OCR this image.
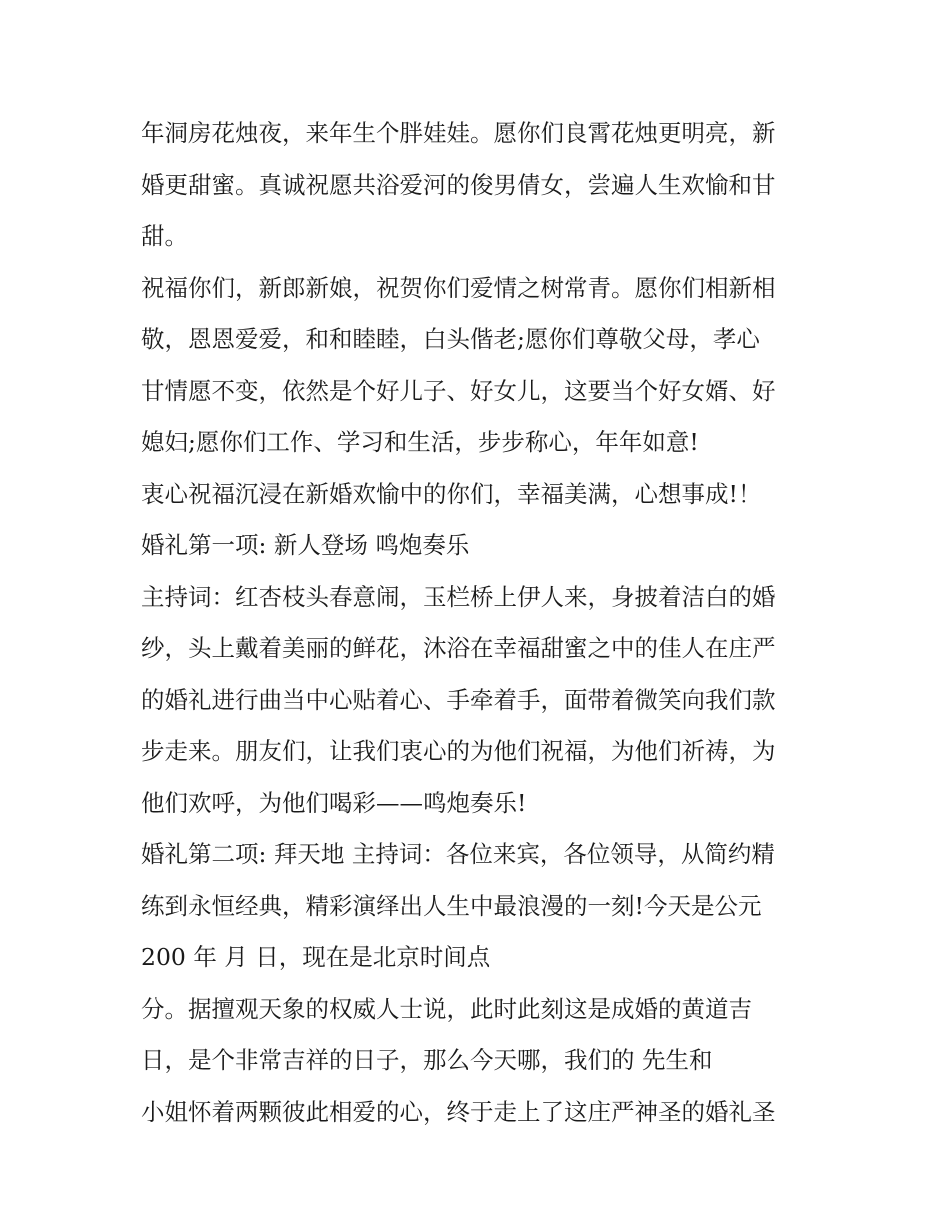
年洞房花烛夜，来年生个胖娃娃。愿你们良霄花烛更明亮，新
婚更甜蜜。真诚祝愿共浴爱河的俊男倩女，尝遍人生欢愉和甘
甜。
祝福你们，新郎新娘，祝贺你们爱情之树常青。愿你们相新相
敬，恩恩爱爱，和和睦睦，白头偕老;愿你们尊敬父母，孝心
甘情愿不变，依然是个好儿子、好女儿，这要当个好女婿、好
媳妇;愿你们工作、学习和生活，步步称心，年年如意!
衷心祝福沉浸在新婚欢愉中的你们，幸福美满，心想事成!！
婚礼第一项: 新人登场 鸣炮奏乐
主持词：红杏枝头春意闹，玉栏桥上伊人来，身披着洁白的婚
纱，头上戴着美丽的鲜花，沐浴在幸福甜蜜之中的佳人在庄严
的婚礼进行曲当中心贴着心、手牵着手，面带着微笑向我们款
步走来。朋友们，让我们衷心的为他们祝福，为他们祈祷，为
他们欢呼，为他们喝彩——鸣炮奏乐!
婚礼第二项: 拜天地 主持词：各位来宾，各位领导，从简约精
练到永恒经典，精彩演绎出人生中最浪漫的一刻!今天是公元
200 年 月 日，现在是北京时间点
分。据擅观天象的权威人士说，此时此刻这是成婚的黄道吉
日，是个非常吉祥的日子，那么今天哪，我们的 先生和
小姐怀着两颗彼此相爱的心，终于走上了这庄严神圣的婚礼圣
